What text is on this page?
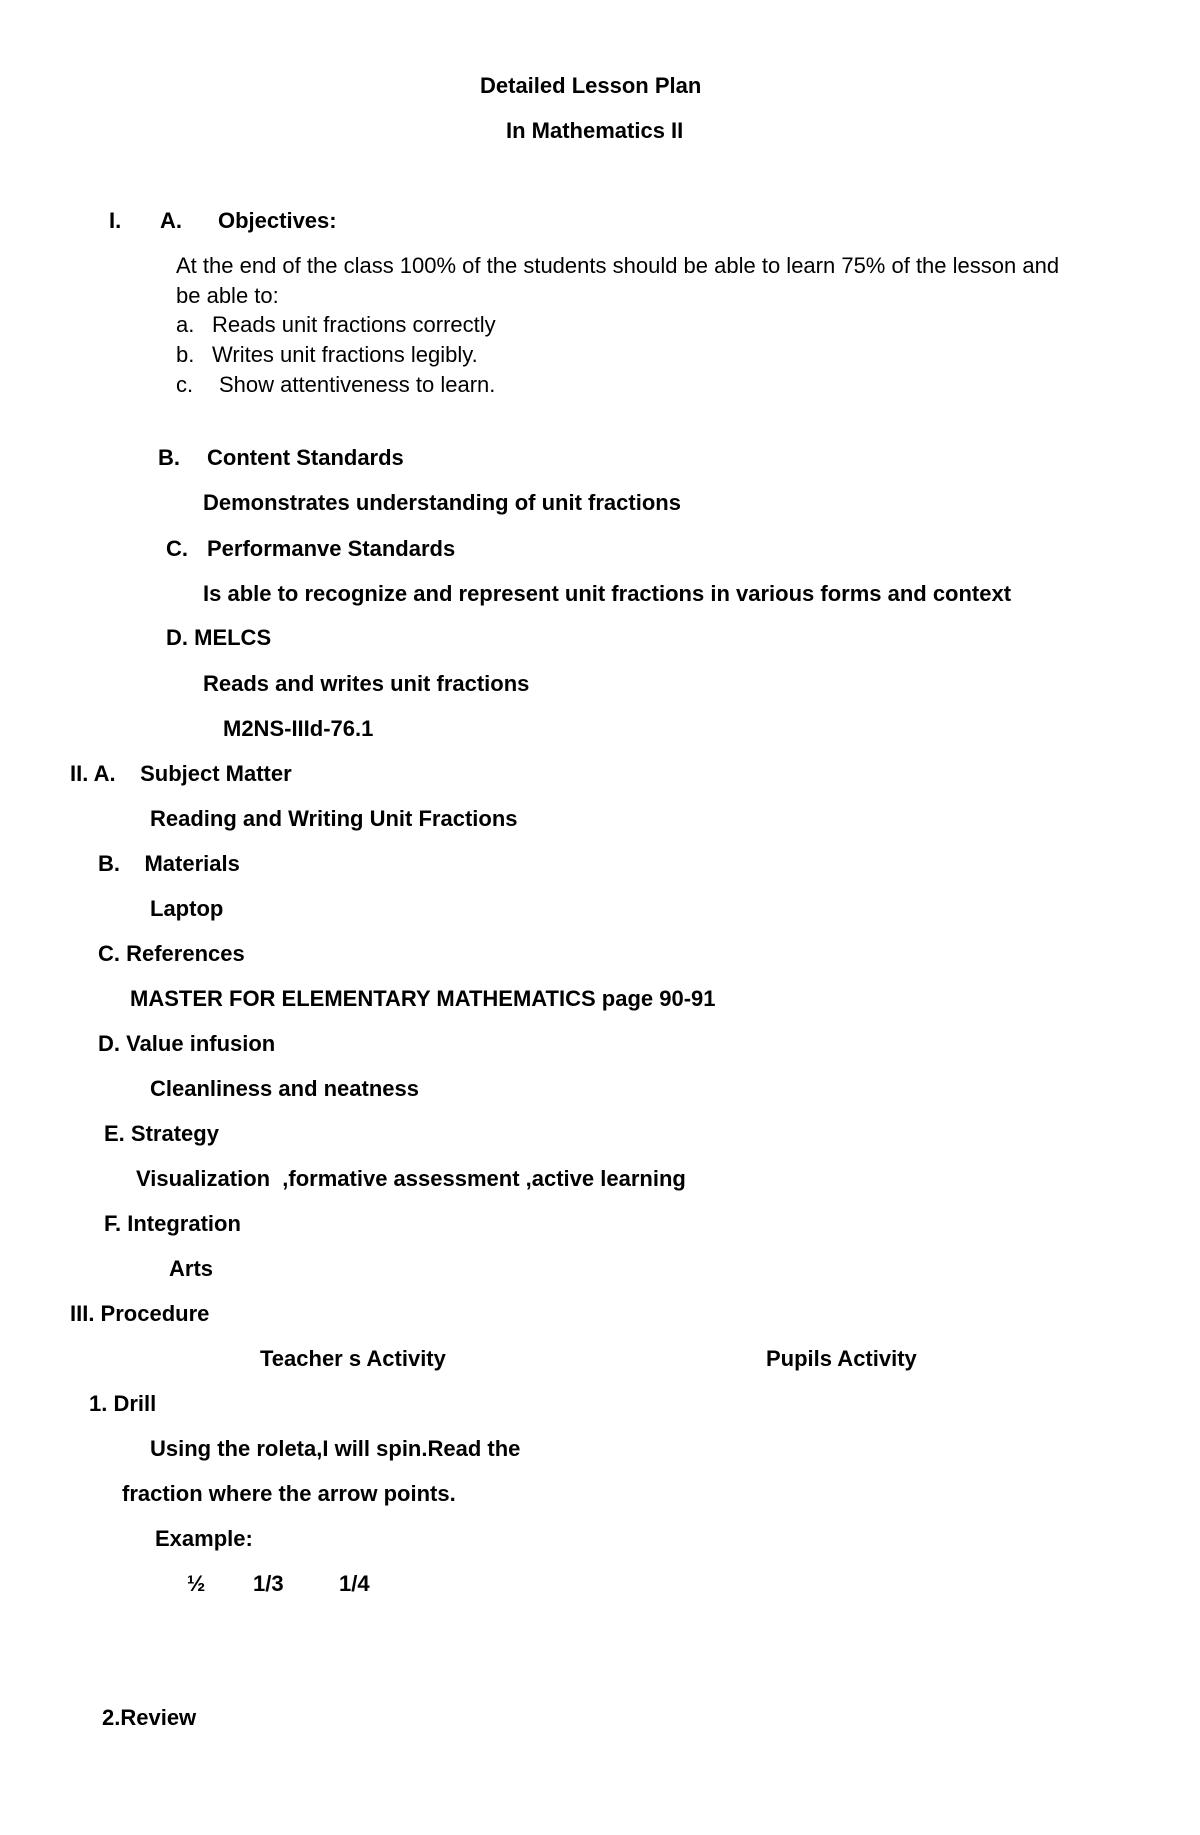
Detailed Lesson Plan
In Mathematics II
I. A. Objectives:
At the end of the class 100% of the students should be able to learn 75% of the lesson and
be able to:
a. Reads unit fractions correctly
b. Writes unit fractions legibly.
c. Show attentiveness to learn.
B. Content Standards
Demonstrates understanding of unit fractions
C. Performanve Standards
Is able to recognize and represent unit fractions in various forms and context
D. MELCS
Reads and writes unit fractions
M2NS-IIId-76.1
II. A.    Subject Matter
Reading and Writing Unit Fractions
B.    Materials
Laptop
C. References
MASTER FOR ELEMENTARY MATHEMATICS page 90-91
D. Value infusion
Cleanliness and neatness
E. Strategy
Visualization  ,formative assessment ,active learning
F. Integration
Arts
III. Procedure
Teacher s Activity	Pupils Activity
1. Drill
Using the roleta,I will spin.Read the
fraction where the arrow points.
Example:
½ 1/3	1/4
2.Review
